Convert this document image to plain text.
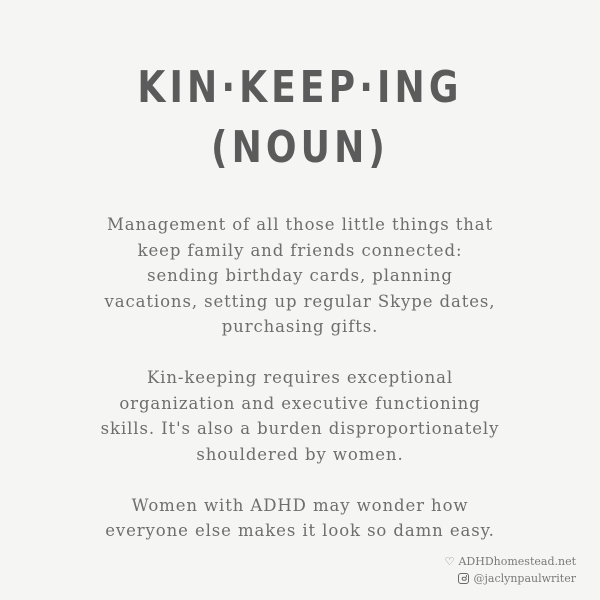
KIN·KEEP·ING
(NOUN)
Management of all those little things that
keep family and friends connected:
sending birthday cards, planning
vacations, setting up regular Skype dates,
purchasing gifts.
Kin-keeping requires exceptional
organization and executive functioning
skills. It's also a burden disproportionately
shouldered by women.
Women with ADHD may wonder how
everyone else makes it look so damn easy.
♡ ADHDhomestead.net
@jaclynpaulwriter
